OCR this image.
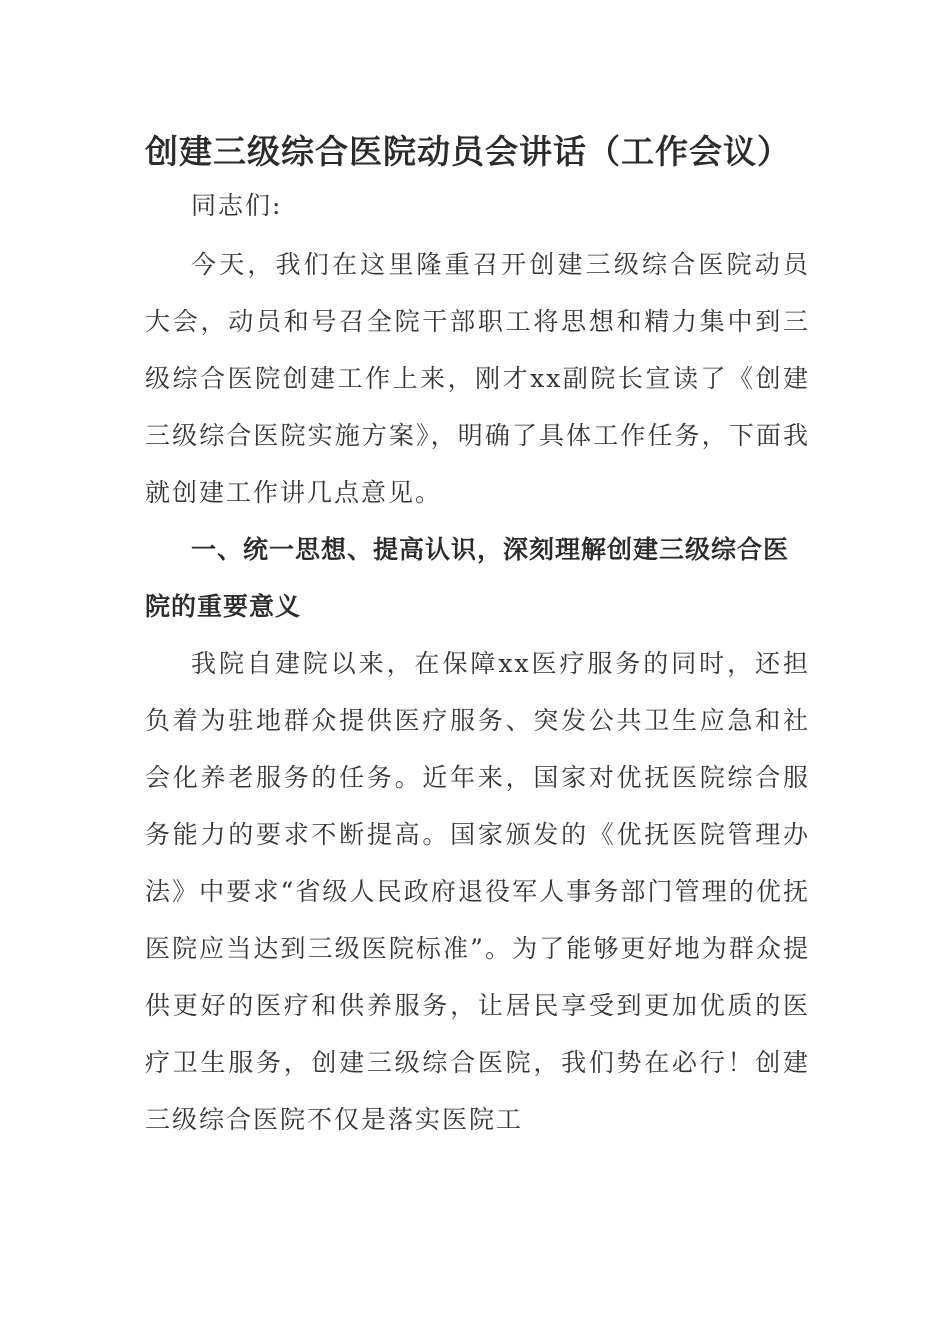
创建三级综合医院动员会讲话（工作会议）

同志们:

今天，我们在这里隆重召开创建三级综合医院动员大会，动员和号召全院干部职工将思想和精力集中到三级综合医院创建工作上来，刚才xx副院长宣读了《创建三级综合医院实施方案》，明确了具体工作任务，下面我就创建工作讲几点意见。

一、统一思想、提高认识，深刻理解创建三级综合医院的重要意义

我院自建院以来，在保障xx医疗服务的同时，还担负着为驻地群众提供医疗服务、突发公共卫生应急和社会化养老服务的任务。近年来，国家对优抚医院综合服务能力的要求不断提高。国家颁发的《优抚医院管理办法》中要求“省级人民政府退役军人事务部门管理的优抚医院应当达到三级医院标准”。为了能够更好地为群众提供更好的医疗和供养服务，让居民享受到更加优质的医疗卫生服务，创建三级综合医院，我们势在必行！创建三级综合医院不仅是落实医院工
